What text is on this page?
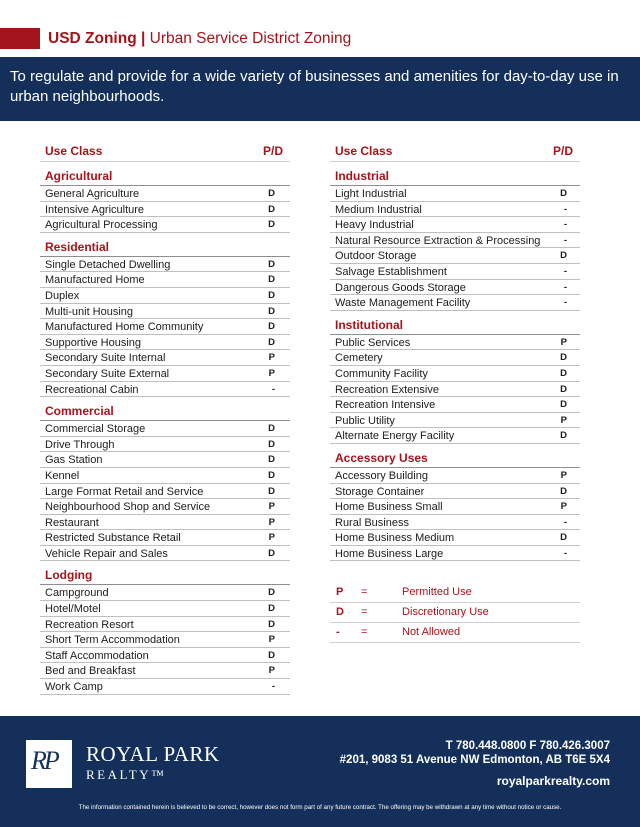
USD Zoning | Urban Service District Zoning
To regulate and provide for a wide variety of businesses and amenities for day-to-day use in urban neighbourhoods.
Use Class	P/D
Agricultural
General Agriculture	D
Intensive Agriculture	D
Agricultural Processing	D
Residential
Single Detached Dwelling	D
Manufactured Home	D
Duplex	D
Multi-unit Housing	D
Manufactured Home Community	D
Supportive Housing	D
Secondary Suite Internal	P
Secondary Suite External	P
Recreational Cabin	-
Commercial
Commercial Storage	D
Drive Through	D
Gas Station	D
Kennel	D
Large Format Retail and Service	D
Neighbourhood Shop and Service	P
Restaurant	P
Restricted Substance Retail	P
Vehicle Repair and Sales	D
Lodging
Campground	D
Hotel/Motel	D
Recreation Resort	D
Short Term Accommodation	P
Staff Accommodation	D
Bed and Breakfast	P
Work Camp	-
Use Class	P/D
Industrial
Light Industrial	D
Medium Industrial	-
Heavy Industrial	-
Natural Resource Extraction & Processing -
Outdoor Storage	D
Salvage Establishment	-
Dangerous Goods Storage	-
Waste Management Facility	-
Institutional
Public Services	P
Cemetery	D
Community Facility	D
Recreation Extensive	D
Recreation Intensive	D
Public Utility	P
Alternate Energy Facility	D
Accessory Uses
Accessory Building	P
Storage Container	D
Home Business Small	P
Rural Business	-
Home Business Medium	D
Home Business Large	-
P =	Permitted Use
D =	Discretionary Use
- =	Not Allowed
RP ROYAL PARK
REALTY™
T 780.448.0800 F 780.426.3007
#201, 9083 51 Avenue NW Edmonton, AB T6E 5X4
royalparkrealty.com
The information contained herein is believed to be correct, however does not form part of any future contract. The offering may be withdrawn at any time without notice or cause.
